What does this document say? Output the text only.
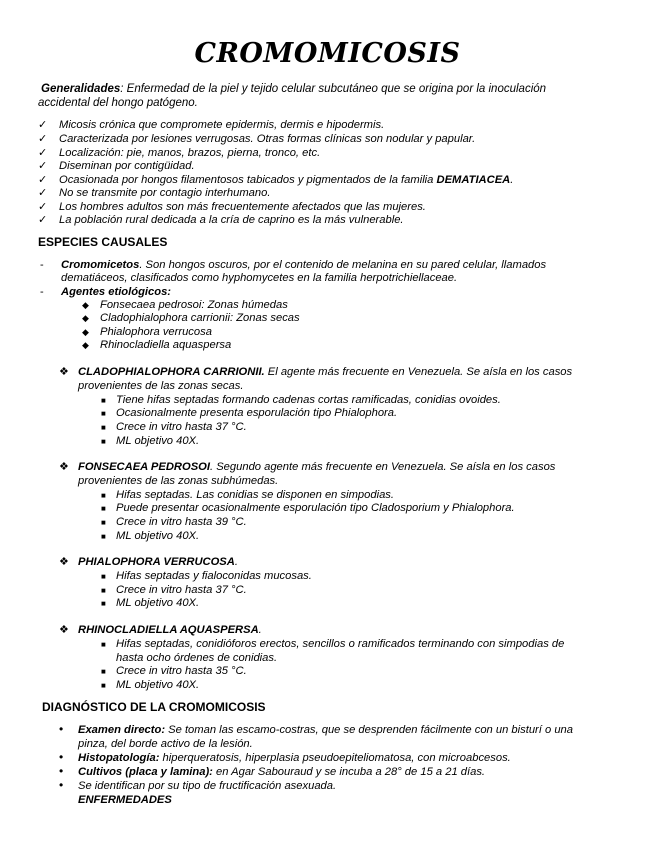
CROMOMICOSIS
Generalidades: Enfermedad de la piel y tejido celular subcutáneo que se origina por la inoculación
accidental del hongo patógeno.
✓ Micosis crónica que compromete epidermis, dermis e hipodermis.
✓ Caracterizada por lesiones verrugosas. Otras formas clínicas son nodular y papular.
✓ Localización: pie, manos, brazos, pierna, tronco, etc.
✓ Diseminan por contigüidad.
✓ Ocasionada por hongos filamentosos tabicados y pigmentados de la familia DEMATIACEA.
✓ No se transmite por contagio interhumano.
✓ Los hombres adultos son más frecuentemente afectados que las mujeres.
✓ La población rural dedicada a la cría de caprino es la más vulnerable.
ESPECIES CAUSALES
- Cromomicetos. Son hongos oscuros, por el contenido de melanina en su pared celular, llamados
dematiáceos, clasificados como hyphomycetes en la familia herpotrichiellaceae.
- Agentes etiológicos:
◆ Fonsecaea pedrosoi: Zonas húmedas
◆ Cladophialophora carrionii: Zonas secas
◆ Phialophora verrucosa
◆ Rhinocladiella aquaspersa
❖ CLADOPHIALOPHORA CARRIONII. El agente más frecuente en Venezuela. Se aísla en los casos
provenientes de las zonas secas.
■ Tiene hifas septadas formando cadenas cortas ramificadas, conidias ovoides.
■ Ocasionalmente presenta esporulación tipo Phialophora.
■ Crece in vitro hasta 37 °C.
■ ML objetivo 40X.
❖ FONSECAEA PEDROSOI. Segundo agente más frecuente en Venezuela. Se aísla en los casos
provenientes de las zonas subhúmedas.
■ Hifas septadas. Las conidias se disponen en simpodias.
■ Puede presentar ocasionalmente esporulación tipo Cladosporium y Phialophora.
■ Crece in vitro hasta 39 °C.
■ ML objetivo 40X.
❖ PHIALOPHORA VERRUCOSA.
■ Hifas septadas y fialoconidas mucosas.
■ Crece in vitro hasta 37 °C.
■ ML objetivo 40X.
❖ RHINOCLADIELLA AQUASPERSA.
■ Hifas septadas, conidióforos erectos, sencillos o ramificados terminando con simpodias de
hasta ocho órdenes de conidias.
■ Crece in vitro hasta 35 °C.
■ ML objetivo 40X.
DIAGNÓSTICO DE LA CROMOMICOSIS
• Examen directo: Se toman las escamo-costras, que se desprenden fácilmente con un bisturí o una
pinza, del borde activo de la lesión.
• Histopatología: hiperqueratosis, hiperplasia pseudoepiteliomatosa, con microabcesos.
• Cultivos (placa y lamina): en Agar Sabouraud y se incuba a 28° de 15 a 21 días.
• Se identifican por su tipo de fructificación asexuada.
ENFERMEDADES
